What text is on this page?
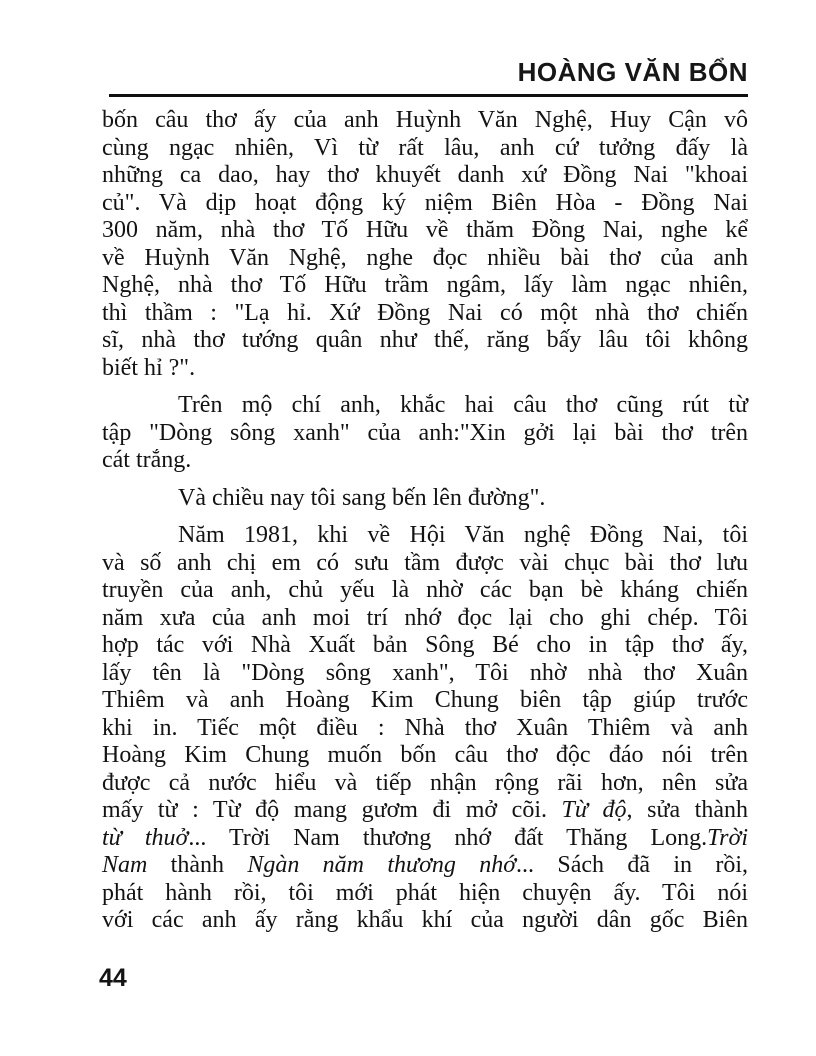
HOÀNG VĂN BỔN
bốn câu thơ ấy của anh Huỳnh Văn Nghệ, Huy Cận vô
cùng ngạc nhiên, Vì từ rất lâu, anh cứ tưởng đấy là
những ca dao, hay thơ khuyết danh xứ Đồng Nai "khoai
củ". Và dịp hoạt động ký niệm Biên Hòa - Đồng Nai
300 năm, nhà thơ Tố Hữu về thăm Đồng Nai, nghe kể
về Huỳnh Văn Nghệ, nghe đọc nhiều bài thơ của anh
Nghệ, nhà thơ Tố Hữu trầm ngâm, lấy làm ngạc nhiên,
thì thầm : "Lạ hỉ. Xứ Đồng Nai có một nhà thơ chiến
sĩ, nhà thơ tướng quân như thế, răng bấy lâu tôi không
biết hỉ ?".
Trên mộ chí anh, khắc hai câu thơ cũng rút từ
tập "Dòng sông xanh" của anh:"Xin gởi lại bài thơ trên
cát trắng.
Và chiều nay tôi sang bến lên đường".
Năm 1981, khi về Hội Văn nghệ Đồng Nai, tôi
và số anh chị em có sưu tầm được vài chục bài thơ lưu
truyền của anh, chủ yếu là nhờ các bạn bè kháng chiến
năm xưa của anh moi trí nhớ đọc lại cho ghi chép. Tôi
hợp tác với Nhà Xuất bản Sông Bé cho in tập thơ ấy,
lấy tên là "Dòng sông xanh", Tôi nhờ nhà thơ Xuân
Thiêm và anh Hoàng Kim Chung biên tập giúp trước
khi in. Tiếc một điều : Nhà thơ Xuân Thiêm và anh
Hoàng Kim Chung muốn bốn câu thơ độc đáo nói trên
được cả nước hiểu và tiếp nhận rộng rãi hơn, nên sửa
mấy từ : Từ độ mang gươm đi mở cõi. Từ độ, sửa thành
từ thuở... Trời Nam thương nhớ đất Thăng Long.Trời
Nam thành Ngàn năm thương nhớ... Sách đã in rồi,
phát hành rồi, tôi mới phát hiện chuyện ấy. Tôi nói
với các anh ấy rằng khẩu khí của người dân gốc Biên
44
